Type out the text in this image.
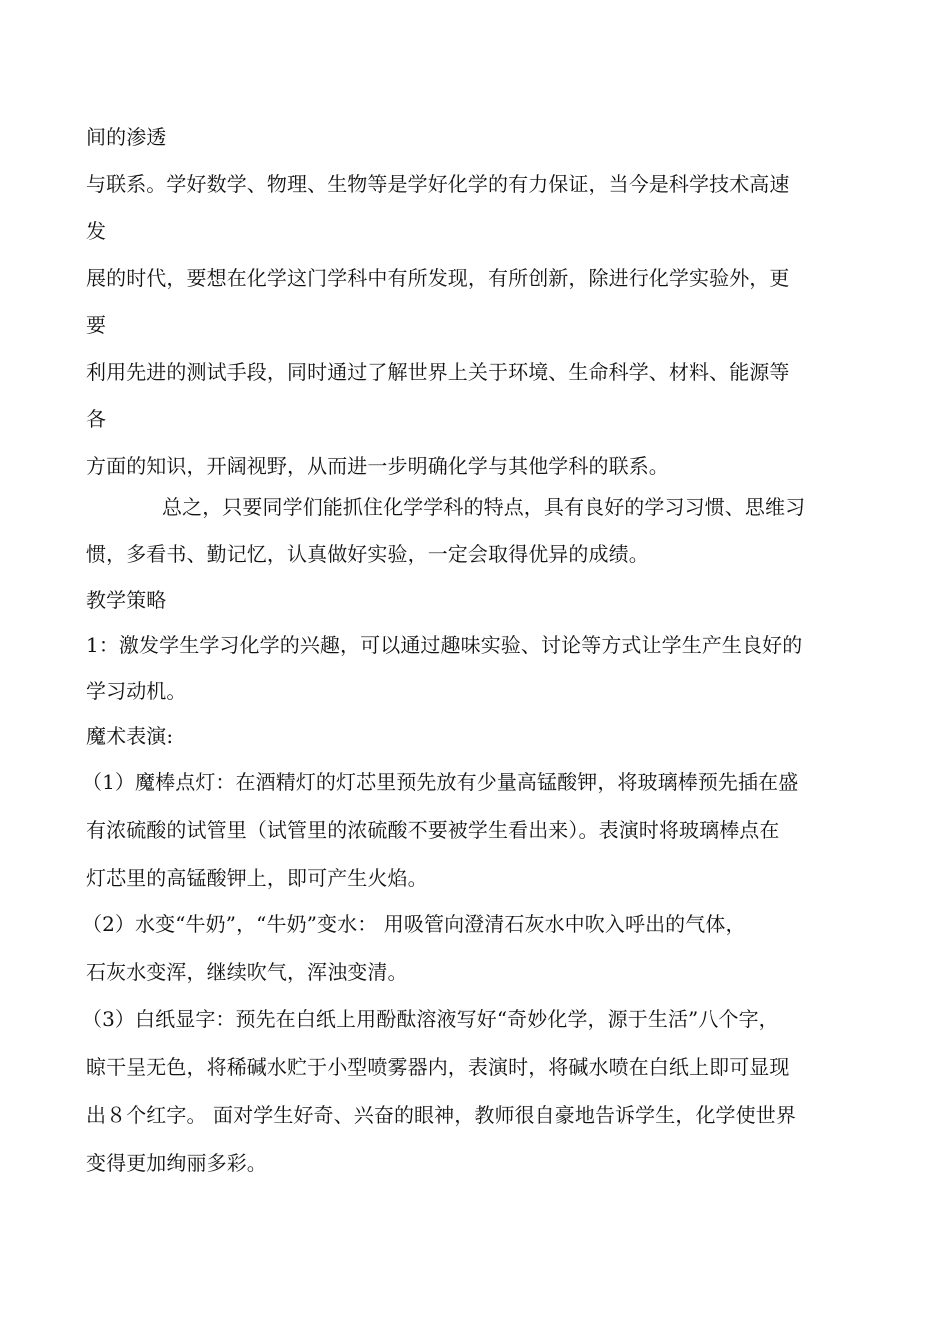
间的渗透
与联系。学好数学、物理、生物等是学好化学的有力保证，当今是科学技术高速
发
展的时代，要想在化学这门学科中有所发现，有所创新，除进行化学实验外，更
要
利用先进的测试手段，同时通过了解世界上关于环境、生命科学、材料、能源等
各
方面的知识，开阔视野，从而进一步明确化学与其他学科的联系。
总之，只要同学们能抓住化学学科的特点，具有良好的学习习惯、思维习
惯，多看书、勤记忆，认真做好实验，一定会取得优异的成绩。
教学策略
1：激发学生学习化学的兴趣，可以通过趣味实验、讨论等方式让学生产生良好的
学习动机。
魔术表演:
（1）魔棒点灯：在酒精灯的灯芯里预先放有少量高锰酸钾，将玻璃棒预先插在盛
有浓硫酸的试管里（试管里的浓硫酸不要被学生看出来）。表演时将玻璃棒点在
灯芯里的高锰酸钾上，即可产生火焰。
（2）水变“牛奶”，“牛奶”变水： 用吸管向澄清石灰水中吹入呼出的气体，
石灰水变浑，继续吹气，浑浊变清。
（3）白纸显字：预先在白纸上用酚酞溶液写好“奇妙化学，源于生活”八个字，
晾干呈无色，将稀碱水贮于小型喷雾器内，表演时，将碱水喷在白纸上即可显现
出８个红字。 面对学生好奇、兴奋的眼神，教师很自豪地告诉学生，化学使世界
变得更加绚丽多彩。
